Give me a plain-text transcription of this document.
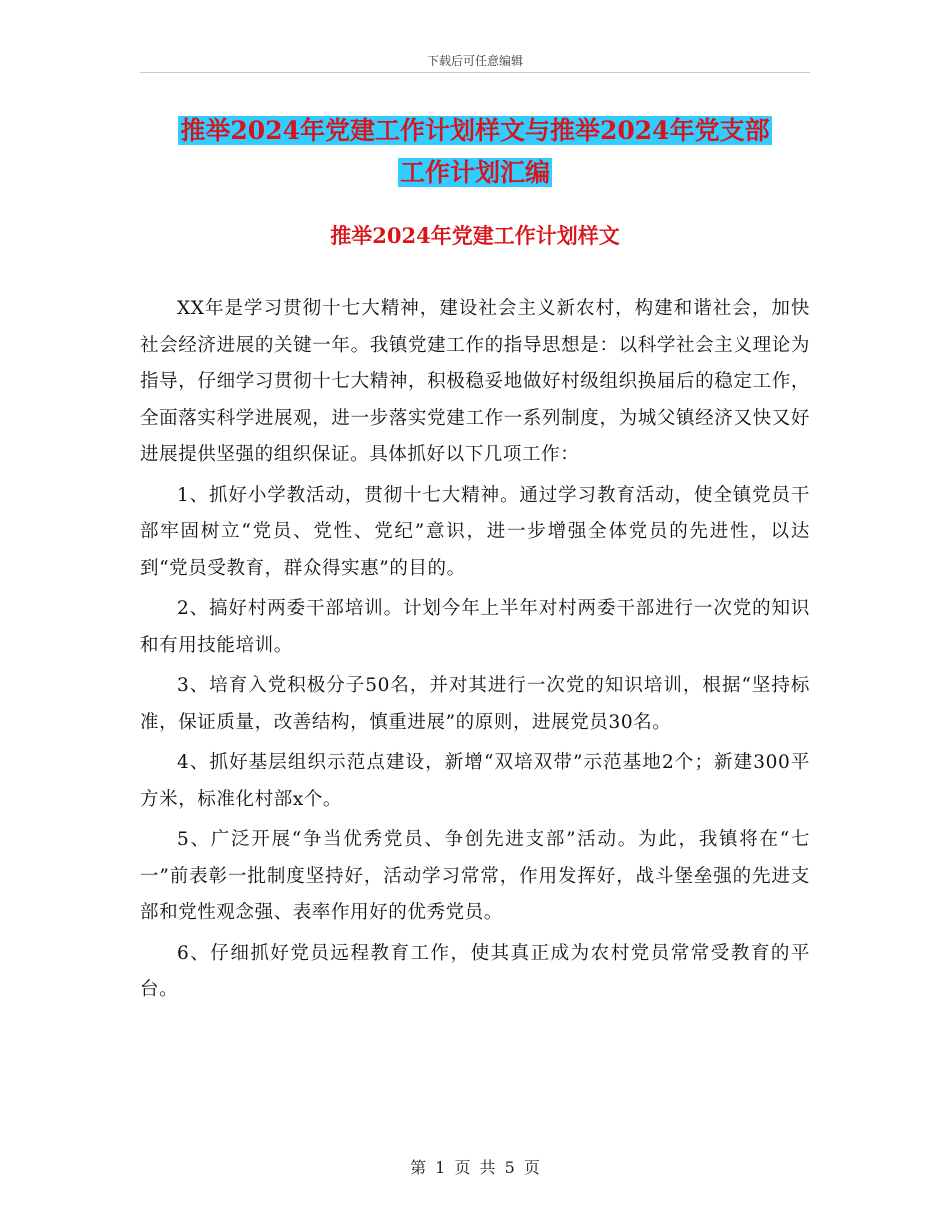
下载后可任意编辑
推举2024年党建工作计划样文与推举2024年党支部
工作计划汇编
推举2024年党建工作计划样文

XX年是学习贯彻十七大精神，建设社会主义新农村，构建和谐社会，加快社会经济进展的关键一年。我镇党建工作的指导思想是：以科学社会主义理论为指导，仔细学习贯彻十七大精神，积极稳妥地做好村级组织换届后的稳定工作，全面落实科学进展观，进一步落实党建工作一系列制度，为城父镇经济又快又好进展提供坚强的组织保证。具体抓好以下几项工作：

1、抓好小学教活动，贯彻十七大精神。通过学习教育活动，使全镇党员干部牢固树立“党员、党性、党纪”意识，进一步增强全体党员的先进性，以达到“党员受教育，群众得实惠”的目的。

2、搞好村两委干部培训。计划今年上半年对村两委干部进行一次党的知识和有用技能培训。

3、培育入党积极分子50名，并对其进行一次党的知识培训，根据“坚持标准，保证质量，改善结构，慎重进展”的原则，进展党员30名。

4、抓好基层组织示范点建设，新增“双培双带”示范基地2个；新建300平方米，标准化村部x个。

5、广泛开展“争当优秀党员、争创先进支部”活动。为此，我镇将在“七一”前表彰一批制度坚持好，活动学习常常，作用发挥好，战斗堡垒强的先进支部和党性观念强、表率作用好的优秀党员。

6、仔细抓好党员远程教育工作，使其真正成为农村党员常常受教育的平台。

第 1 页 共 5 页
